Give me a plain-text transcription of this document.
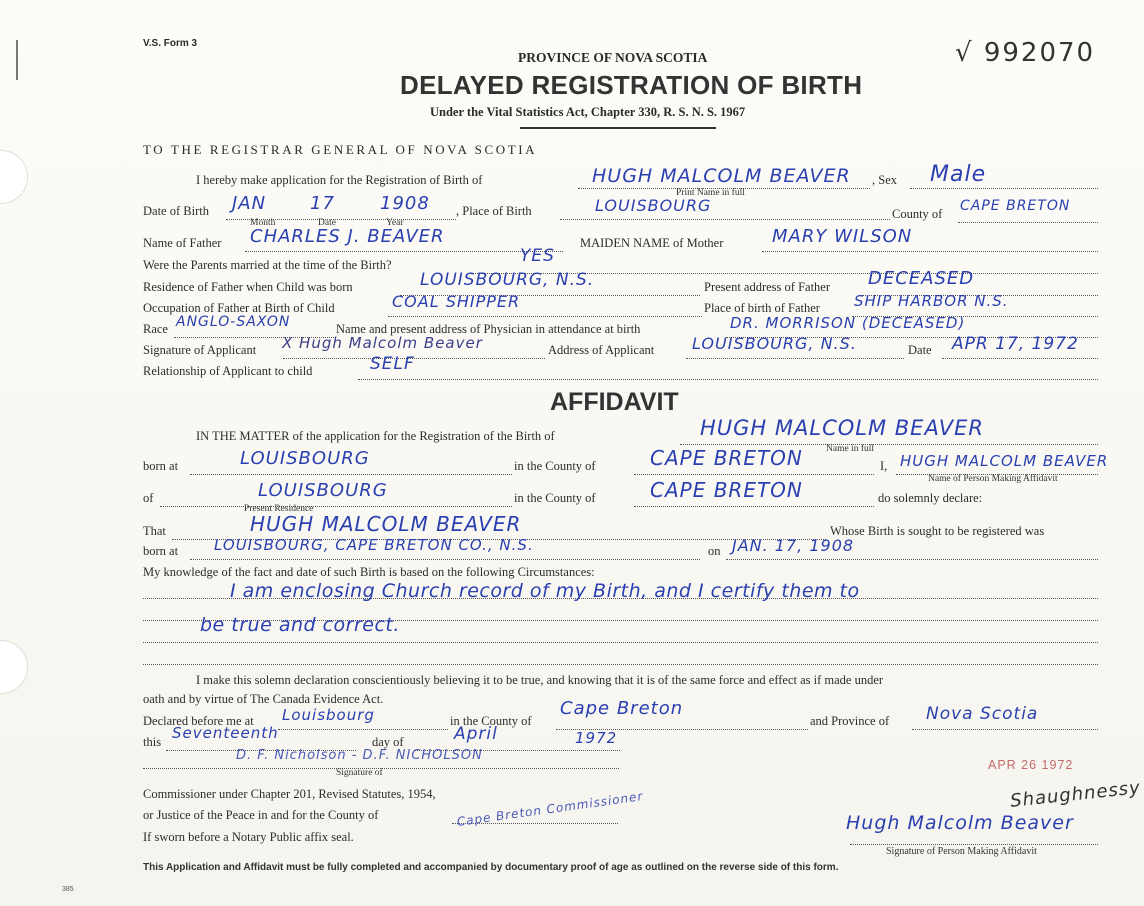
V.S. Form 3	√ 992070
PROVINCE OF NOVA SCOTIA
DELAYED REGISTRATION OF BIRTH
Under the Vital Statistics Act, Chapter 330, R. S. N. S. 1967
TO THE REGISTRAR GENERAL OF NOVA SCOTIA
I hereby make application for the Registration of Birth of	HUGH MALCOLM BEAVER
Print Name in full
, Sex Male
Date of Birth JAN 17	1908
Month	Date	Year
, Place of Birth	LOUISBOURG	County of CAPE BRETON
Name of Father CHARLES J. BEAVER	MAIDEN NAME of Mother	MARY WILSON
Were the Parents married at the time of the Birth?	YES
Residence of Father when Child was born	LOUISBOURG, N.S.	Present address of Father DECEASED
Occupation of Father at Birth of Child	COAL SHIPPER	Place of birth of Father SHIP HARBOR N.S.
Race ANGLO-SAXON	Name and present address of Physician in attendance at birth	DR. MORRISON (DECEASED)
Signature of Applicant X Hugh Malcolm Beaver	Address of Applicant LOUISBOURG, N.S.	Date APR 17, 1972
Relationship of Applicant to child	SELF
AFFIDAVIT
IN THE MATTER of the application for the Registration of the Birth of	HUGH MALCOLM BEAVER
Name in full
born at	LOUISBOURG	in the County of	CAPE BRETON	I, HUGH MALCOLM BEAVER
Name of Person Making Affidavit
of	LOUISBOURG
Present Residence
in the County of	CAPE BRETON	do solemnly declare:
That	HUGH MALCOLM BEAVER	Whose Birth is sought to be registered was
born at LOUISBOURG, CAPE BRETON CO., N.S.	on JAN. 17, 1908
My knowledge of the fact and date of such Birth is based on the following Circumstances:
I am enclosing Church record of my Birth, and I certify them to
be true and correct.
I make this solemn declaration conscientiously believing it to be true, and knowing that it is of the same force and effect as if made under
oath and by virtue of The Canada Evidence Act.
Declared before me at Louisbourg	in the County of
Cape Breton
and Province of Nova Scotia
this Seventeenth	day of	April	1972
D. F. Nicholson - D.F. NICHOLSON
Signature of
Commissioner under Chapter 201, Revised Statutes, 1954,
or Justice of the Peace in and for the County of	Cape Breton Commissioner
If sworn before a Notary Public affix seal.
APR 26 1972
Shaughnessy
Hugh Malcolm Beaver
Signature of Person Making Affidavit
This Application and Affidavit must be fully completed and accompanied by documentary proof of age as outlined on the reverse side of this form.
385
